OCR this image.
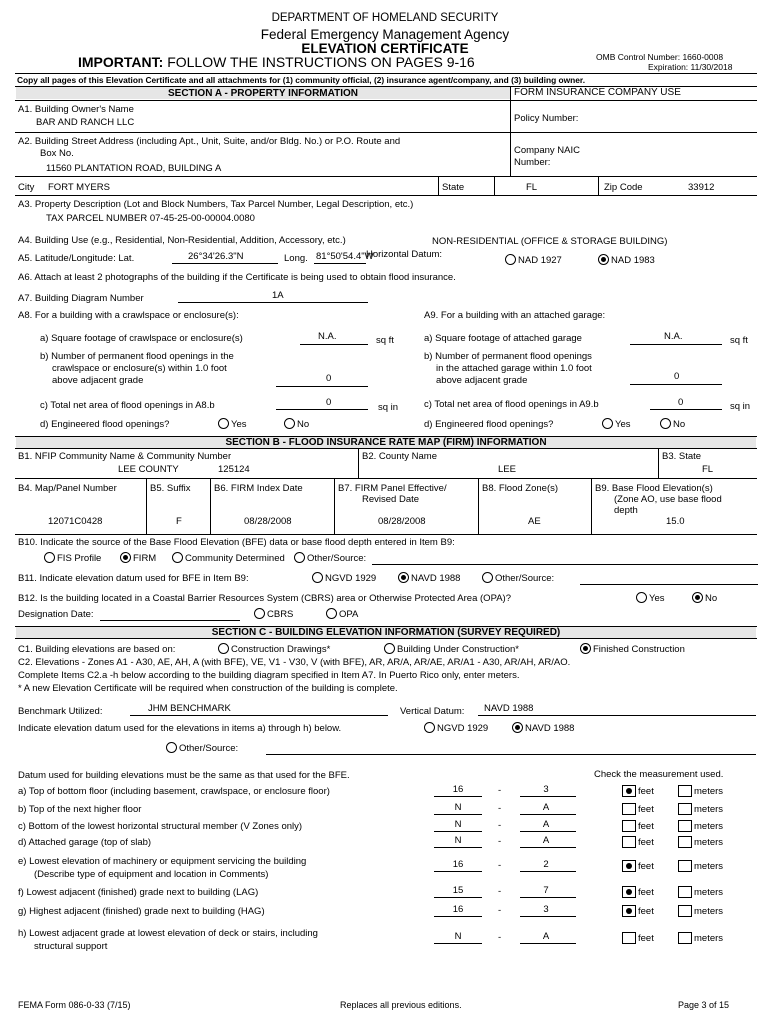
DEPARTMENT OF HOMELAND SECURITY
Federal Emergency Management Agency
ELEVATION CERTIFICATE
IMPORTANT: FOLLOW THE INSTRUCTIONS ON PAGES 9-16	OMB Control Number: 1660-0008
Expiration: 11/30/2018
Copy all pages of this Elevation Certificate and all attachments for (1) community official, (2) insurance agent/company, and (3) building owner.
SECTION A - PROPERTY INFORMATION	FORM INSURANCE COMPANY USE
A1. Building Owner's Name
BAR AND RANCH LLC	Policy Number:
A2. Building Street Address (including Apt., Unit, Suite, and/or Bldg. No.) or P.O. Route and
Box No.
11560 PLANTATION ROAD, BUILDING A
Company NAIC
Number:
City FORT MYERS	State	FL	Zip Code	33912
A3. Property Description (Lot and Block Numbers, Tax Parcel Number, Legal Description, etc.)
TAX PARCEL NUMBER 07-45-25-00-00004.0080
A4. Building Use (e.g., Residential, Non-Residential, Addition, Accessory, etc.)	NON-RESIDENTIAL (OFFICE & STORAGE BUILDING)
A5. Latitude/Longitude: Lat.	26°34'26.3"N	Long. 81°50'54.4"W
Horizontal Datum:
NAD 1927	NAD 1983
A6. Attach at least 2 photographs of the building if the Certificate is being used to obtain flood insurance.
A7. Building Diagram Number	1A
A8. For a building with a crawlspace or enclosure(s):	A9. For a building with an attached garage:
a) Square footage of crawlspace or enclosure(s)	N.A.	sq ft
b) Number of permanent flood openings in the
crawlspace or enclosure(s) within 1.0 foot
above adjacent grade	0
c) Total net area of flood openings in A8.b	0	sq in
d) Engineered flood openings?	Yes	No
a) Square footage of attached garage	N.A.	sq ft
b) Number of permanent flood openings
in the attached garage within 1.0 foot
above adjacent grade	0
c) Total net area of flood openings in A9.b	0	sq in
d) Engineered flood openings?	Yes	No
SECTION B - FLOOD INSURANCE RATE MAP (FIRM) INFORMATION
B1. NFIP Community Name & Community Number
LEE COUNTY	125124
B2. County Name
LEE
B3. State
FL
B4. Map/Panel Number
12071C0428
B5. Suffix
F
B6. FIRM Index Date
08/28/2008
B7. FIRM Panel Effective/
Revised Date
08/28/2008
B8. Flood Zone(s)
AE
B9. Base Flood Elevation(s)
(Zone AO, use base flood
depth
15.0
B10. Indicate the source of the Base Flood Elevation (BFE) data or base flood depth entered in Item B9:
FIS Profile	FIRM	Community Determined	Other/Source:
B11. Indicate elevation datum used for BFE in Item B9:	NGVD 1929	NAVD 1988	Other/Source:
B12. Is the building located in a Coastal Barrier Resources System (CBRS) area or Otherwise Protected Area (OPA)?	Yes	No
Designation Date:	CBRS	OPA
SECTION C - BUILDING ELEVATION INFORMATION (SURVEY REQUIRED)
C1. Building elevations are based on:	Construction Drawings*	Building Under Construction*	Finished Construction
C2. Elevations - Zones A1 - A30, AE, AH, A (with BFE), VE, V1 - V30, V (with BFE), AR, AR/A, AR/AE, AR/A1 - A30, AR/AH, AR/AO.
Complete Items C2.a -h below according to the building diagram specified in Item A7. In Puerto Rico only, enter meters.
* A new Elevation Certificate will be required when construction of the building is complete.
Benchmark Utilized:	JHM BENCHMARK	Vertical Datum: NAVD 1988
Indicate elevation datum used for the elevations in items a) through h) below.	NGVD 1929	NAVD 1988
Other/Source:
Datum used for building elevations must be the same as that used for the BFE.	Check the measurement used.
a) Top of bottom floor (including basement, crawlspace, or enclosure floor)	16	-	3	feet	meters
b) Top of the next higher floor	N	-	A	feet	meters
c) Bottom of the lowest horizontal structural member (V Zones only)	N	-	A	feet	meters
d) Attached garage (top of slab)	N	-	A	feet	meters
e) Lowest elevation of machinery or equipment servicing the building
(Describe type of equipment and location in Comments)
16	-	2	feet	meters
f) Lowest adjacent (finished) grade next to building (LAG)	15	-	7	feet	meters
g) Highest adjacent (finished) grade next to building (HAG)	16	-	3	feet	meters
h) Lowest adjacent grade at lowest elevation of deck or stairs, including
structural support
N	-	A	feet	meters
FEMA Form 086-0-33 (7/15)	Replaces all previous editions.	Page 3 of 15
